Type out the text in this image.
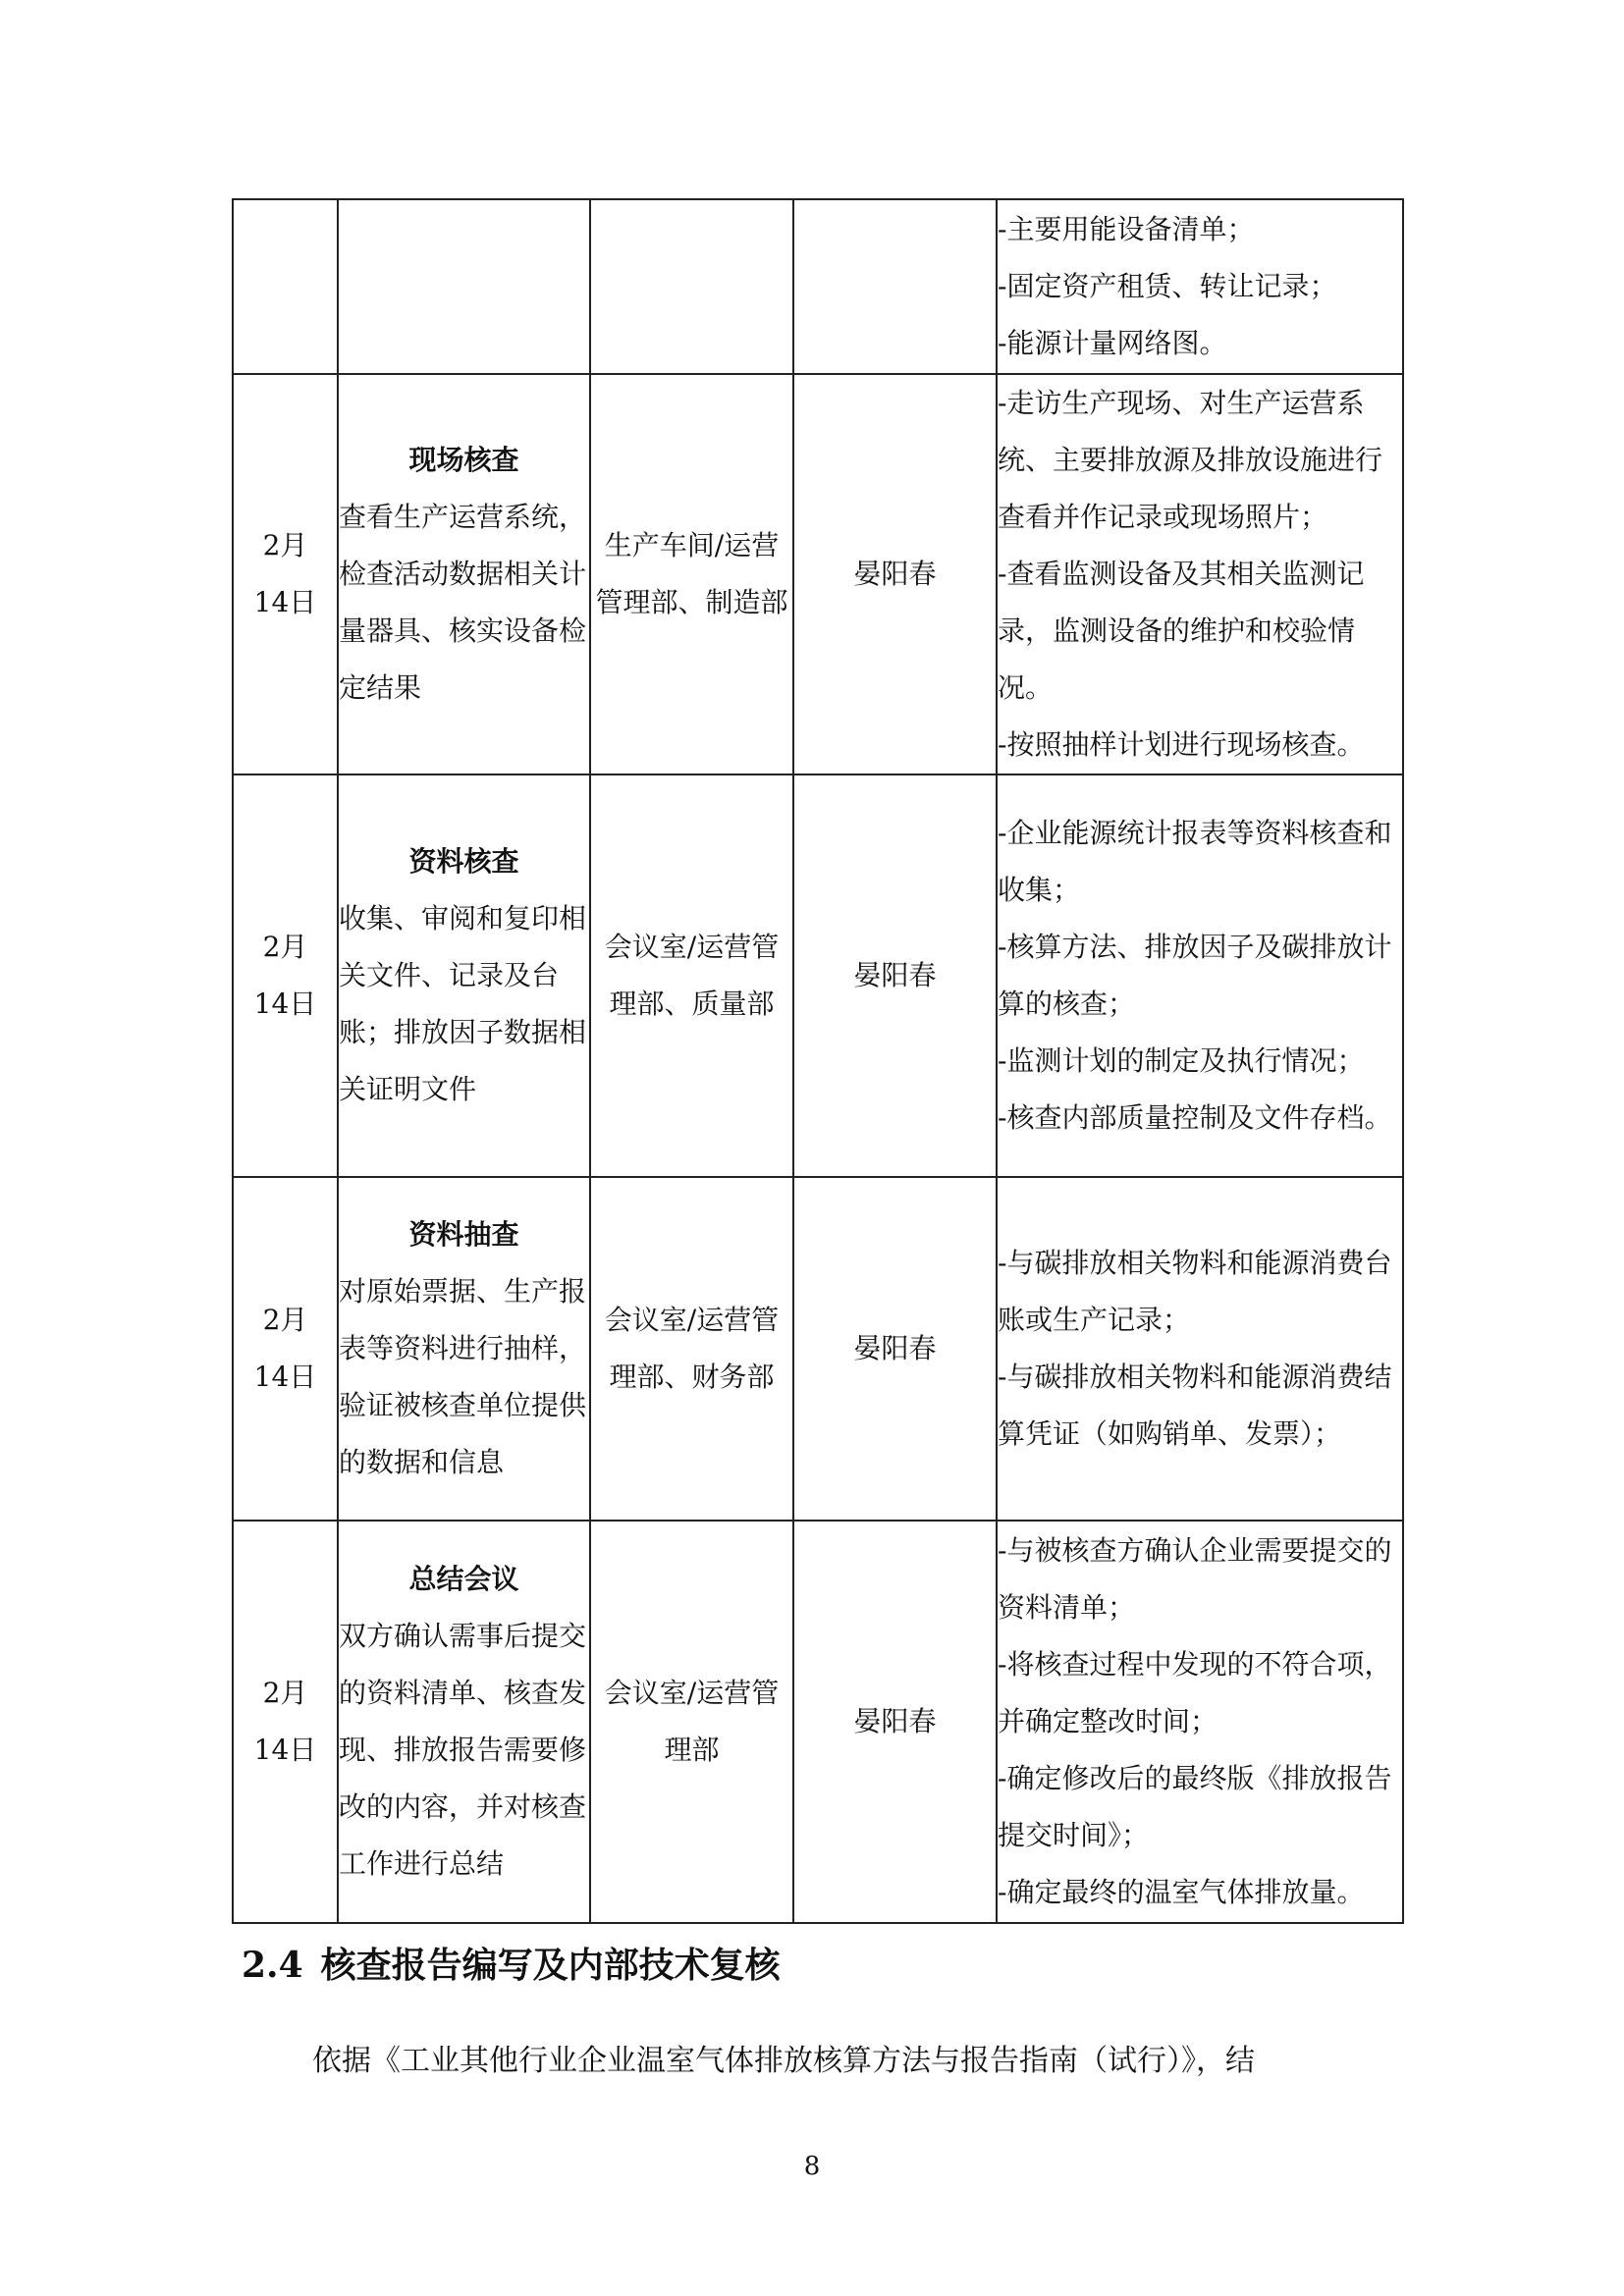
				-主要用能设备清单；
-固定资产租赁、转让记录；
-能源计量网络图。

2月
14日	现场核查
查看生产运营系统，检查活动数据相关计量器具、核实设备检定结果	生产车间/运营管理部、制造部	晏阳春	-走访生产现场、对生产运营系统、主要排放源及排放设施进行查看并作记录或现场照片；
-查看监测设备及其相关监测记录，监测设备的维护和校验情况。
-按照抽样计划进行现场核查。

2月
14日	资料核查
收集、审阅和复印相关文件、记录及台账；排放因子数据相关证明文件	会议室/运营管理部、质量部	晏阳春	-企业能源统计报表等资料核查和收集；
-核算方法、排放因子及碳排放计算的核查；
-监测计划的制定及执行情况；
-核查内部质量控制及文件存档。

2月
14日	资料抽查
对原始票据、生产报表等资料进行抽样，验证被核查单位提供的数据和信息	会议室/运营管理部、财务部	晏阳春	-与碳排放相关物料和能源消费台账或生产记录；
-与碳排放相关物料和能源消费结算凭证（如购销单、发票）；

2月
14日	总结会议
双方确认需事后提交的资料清单、核查发现、排放报告需要修改的内容，并对核查工作进行总结	会议室/运营管理部	晏阳春	-与被核查方确认企业需要提交的资料清单；
-将核查过程中发现的不符合项，并确定整改时间；
-确定修改后的最终版《排放报告提交时间》；
-确定最终的温室气体排放量。
2.4 核查报告编写及内部技术复核

依据《工业其他行业企业温室气体排放核算方法与报告指南（试行）》，结

8
